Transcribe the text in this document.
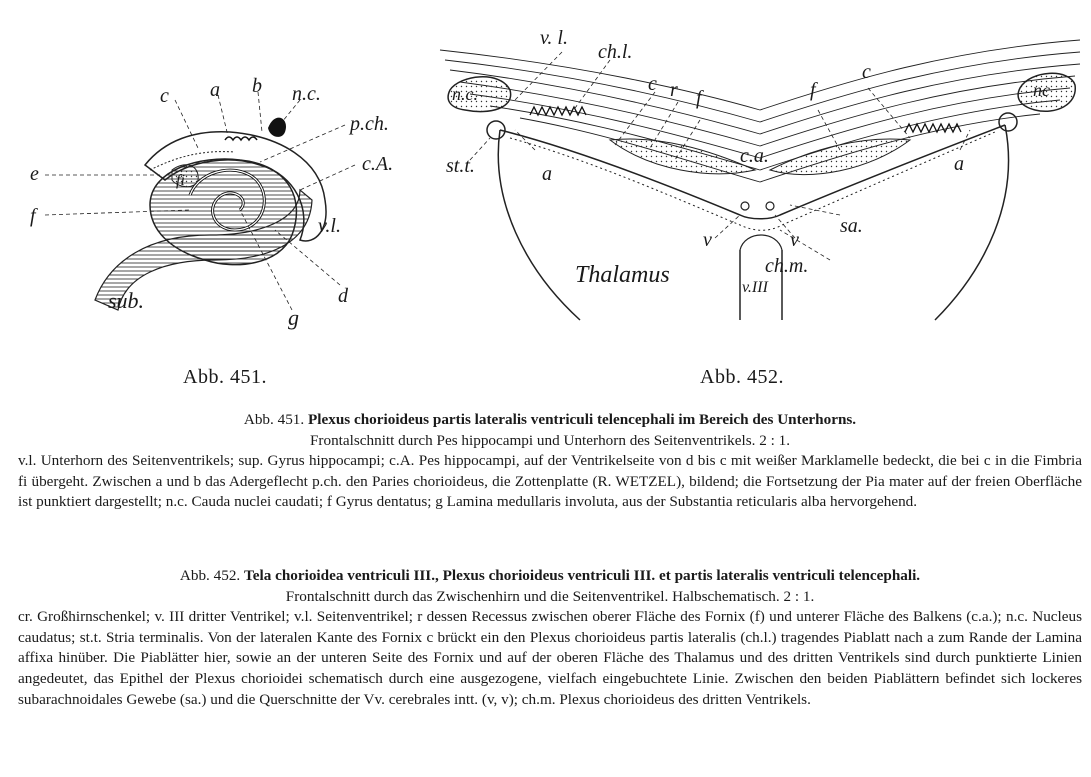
c a b n.c.
p.ch.
c.A.
e
f
fi
v.l.
sub.
g
d
v. l.
ch.l.
c r f	f
c
n.c.	nc
st.t.	a	a
c.a.
sa.
v	v
ch.m.
Thalamus	v.III
Abb. 451.	Abb. 452.
Abb. 451. Plexus chorioideus partis lateralis ventriculi telencephali im Bereich des Unterhorns.
Frontalschnitt durch Pes hippocampi und Unterhorn des Seitenventrikels. 2 : 1.

v.l. Unterhorn des Seitenventrikels; sup. Gyrus hippocampi; c.A. Pes hippocampi, auf der Ventrikelseite von d bis c mit weißer Marklamelle bedeckt, die bei c in die Fimbria fi übergeht. Zwischen a und b das Adergeflecht p.ch. den Paries chorioideus, die Zottenplatte (R. WETZEL), bildend; die Fortsetzung der Pia mater auf der freien Oberfläche ist punktiert dargestellt; n.c. Cauda nuclei caudati; f Gyrus dentatus; g Lamina medullaris involuta, aus der Substantia reticularis alba hervorgehend.

Abb. 452. Tela chorioidea ventriculi III., Plexus chorioideus ventriculi III. et partis lateralis ventriculi telencephali.
Frontalschnitt durch das Zwischenhirn und die Seitenventrikel. Halbschematisch. 2 : 1.

cr. Großhirnschenkel; v. III dritter Ventrikel; v.l. Seitenventrikel; r dessen Recessus zwischen oberer Fläche des Fornix (f) und unterer Fläche des Balkens (c.a.); n.c. Nucleus caudatus; st.t. Stria terminalis. Von der lateralen Kante des Fornix c brückt ein den Plexus chorioideus partis lateralis (ch.l.) tragendes Piablatt nach a zum Rande der Lamina affixa hinüber. Die Piablätter hier, sowie an der unteren Seite des Fornix und auf der oberen Fläche des Thalamus und des dritten Ventrikels sind durch punktierte Linien angedeutet, das Epithel der Plexus chorioidei schematisch durch eine ausgezogene, vielfach eingebuchtete Linie. Zwischen den beiden Piablättern befindet sich lockeres subarachnoidales Gewebe (sa.) und die Querschnitte der Vv. cerebrales intt. (v, v); ch.m. Plexus chorioideus des dritten Ventrikels.
